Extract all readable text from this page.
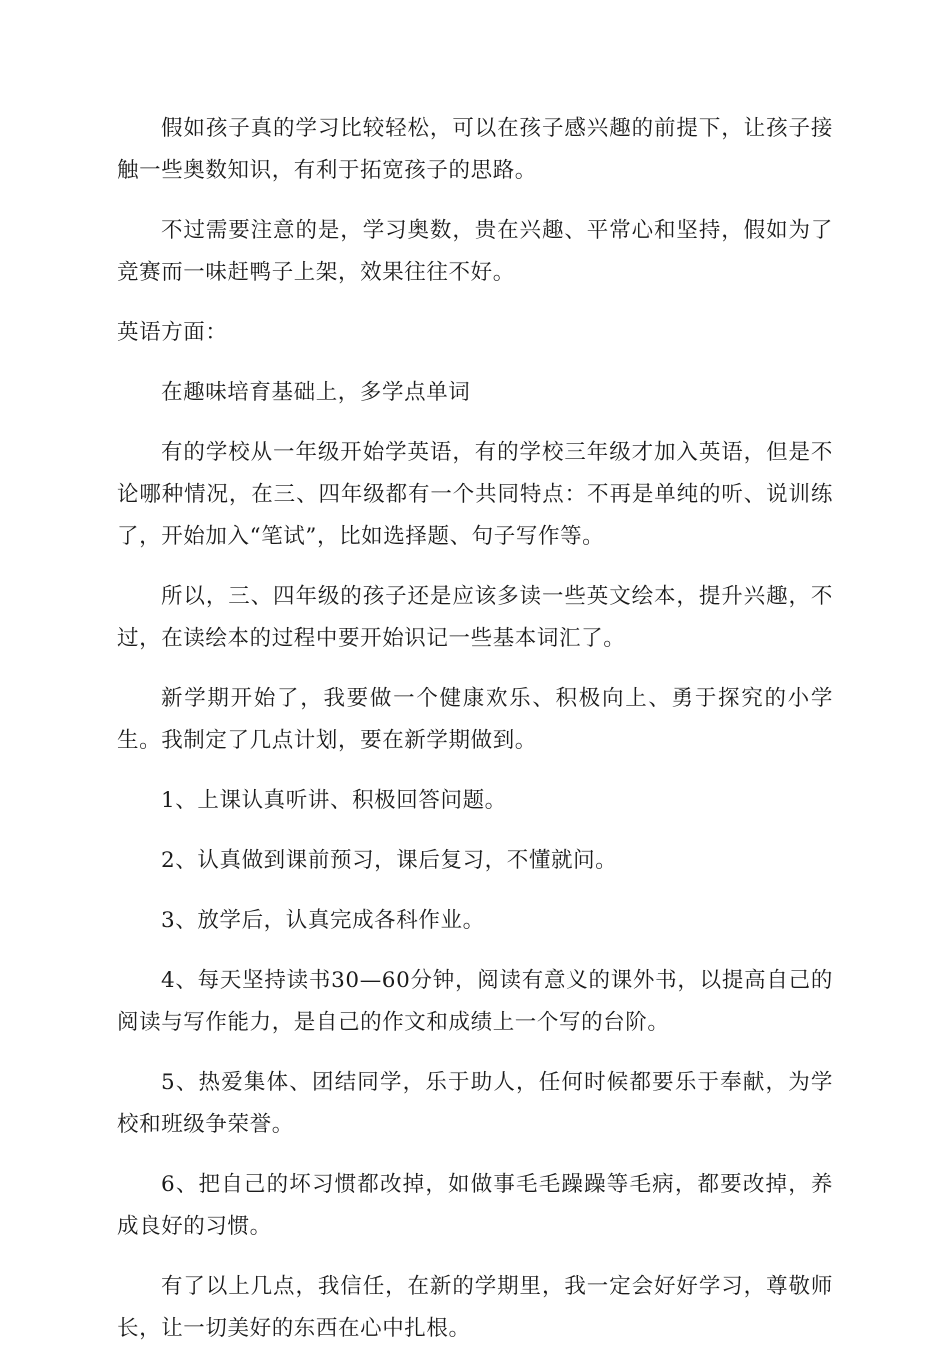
假如孩子真的学习比较轻松，可以在孩子感兴趣的前提下，让孩子接触一些奥数知识，有利于拓宽孩子的思路。

不过需要注意的是，学习奥数，贵在兴趣、平常心和坚持，假如为了竞赛而一味赶鸭子上架，效果往往不好。

英语方面：

在趣味培育基础上，多学点单词

有的学校从一年级开始学英语，有的学校三年级才加入英语，但是不论哪种情况，在三、四年级都有一个共同特点：不再是单纯的听、说训练了，开始加入“笔试”，比如选择题、句子写作等。

所以，三、四年级的孩子还是应该多读一些英文绘本，提升兴趣，不过，在读绘本的过程中要开始识记一些基本词汇了。

新学期开始了，我要做一个健康欢乐、积极向上、勇于探究的小学生。我制定了几点计划，要在新学期做到。

1、上课认真听讲、积极回答问题。

2、认真做到课前预习，课后复习，不懂就问。

3、放学后，认真完成各科作业。

4、每天坚持读书30—60分钟，阅读有意义的课外书，以提高自己的阅读与写作能力，是自己的作文和成绩上一个写的台阶。

5、热爱集体、团结同学，乐于助人，任何时候都要乐于奉献，为学校和班级争荣誉。

6、把自己的坏习惯都改掉，如做事毛毛躁躁等毛病，都要改掉，养成良好的习惯。

有了以上几点，我信任，在新的学期里，我一定会好好学习，尊敬师长，让一切美好的东西在心中扎根。
